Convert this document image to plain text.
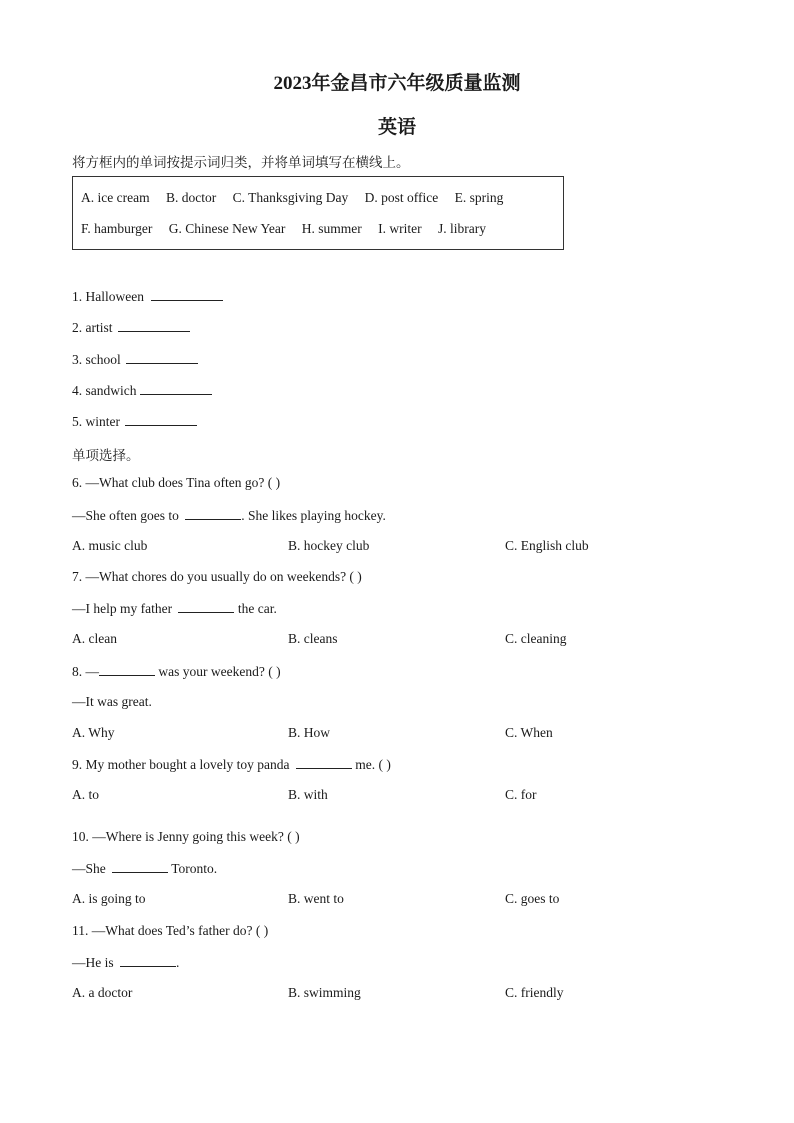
2023年金昌市六年级质量监测
英语
将方框内的单词按提示词归类，并将单词填写在横线上。
A. ice cream B. doctor C. Thanksgiving Day D. post office E. spring
F. hamburger G. Chinese New Year H. summer I. writer J. library
1. Halloween
2. artist
3. school
4. sandwich
5. winter
单项选择。
6. —What club does Tina often go? ( )
—She often goes to	. She likes playing hockey.
A. music club	B. hockey club	C. English club
7. —What chores do you usually do on weekends? ( )
—I help my father	the car.
A. clean	B. cleans	C. cleaning
8. —	was your weekend? ( )
—It was great.
A. Why	B. How	C. When
9. My mother bought a lovely toy panda	me. ( )
A. to	B. with	C. for
10. —Where is Jenny going this week? ( )
—She	Toronto.
A. is going to	B. went to	C. goes to
11. —What does Ted’s father do? ( )
—He is	.
A. a doctor	B. swimming	C. friendly
